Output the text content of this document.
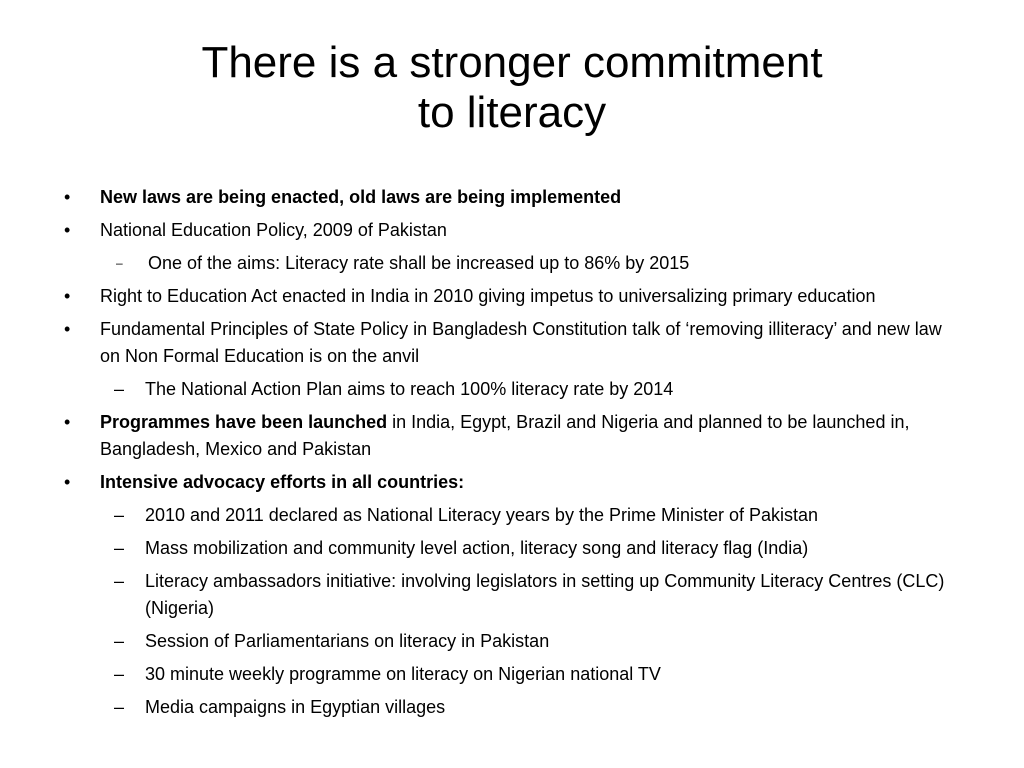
There is a stronger commitment
to literacy

• New laws are being enacted, old laws are being implemented

• National Education Policy, 2009 of Pakistan

– One of the aims: Literacy rate shall be increased up to 86% by 2015

• Right to Education Act enacted in India in 2010 giving impetus to universalizing primary education

• Fundamental Principles of State Policy in Bangladesh Constitution talk of ‘removing illiteracy’ and new law on Non Formal Education is on the anvil

– The National Action Plan aims to reach 100% literacy rate by 2014

• Programmes have been launched in India, Egypt, Brazil and Nigeria and planned to be launched in, Bangladesh, Mexico and Pakistan

• Intensive advocacy efforts in all countries:

– 2010 and 2011 declared as National Literacy years by the Prime Minister of Pakistan

– Mass mobilization and community level action, literacy song and literacy flag (India)

– Literacy ambassadors initiative: involving legislators in setting up Community Literacy Centres (CLC) (Nigeria)

– Session of Parliamentarians on literacy in Pakistan

– 30 minute weekly programme on literacy on Nigerian national TV

– Media campaigns in Egyptian villages
